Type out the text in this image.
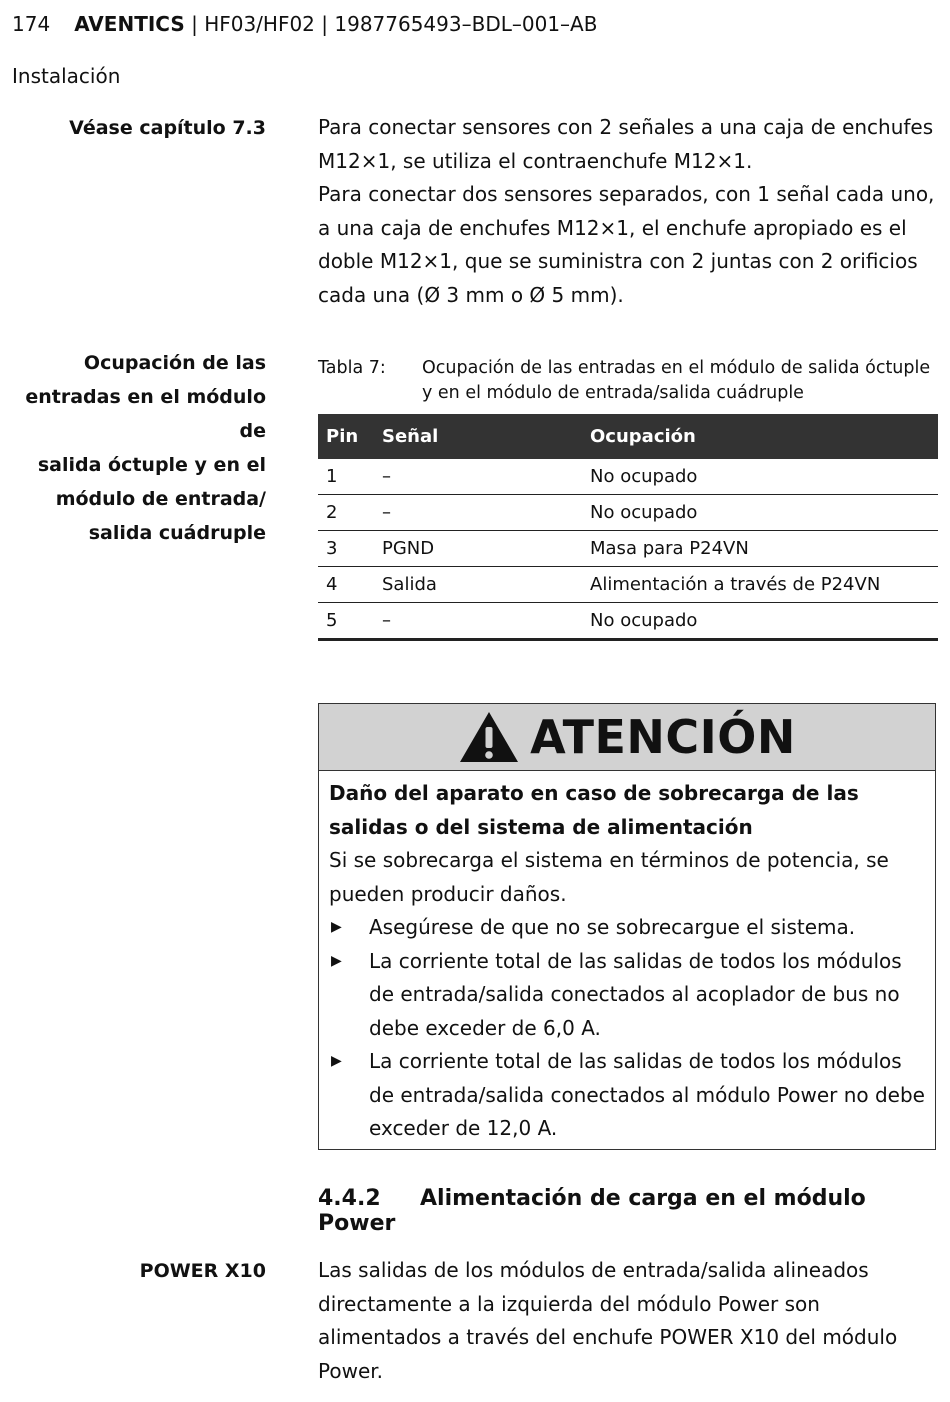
174 AVENTICS | HF03/HF02 | 1987765493–BDL–001–AB
Instalación
Véase capítulo 7.3	Para conectar sensores con 2 señales a una caja de enchufes M12×1, se utiliza el contraenchufe M12×1.

Para conectar dos sensores separados, con 1 señal cada uno, a una caja de enchufes M12×1, el enchufe apropiado es el doble M12×1, que se suministra con 2 juntas con 2 orificios cada una (Ø 3 mm o Ø 5 mm).

Ocupación de las
entradas en el módulo de
salida óctuple y en el
módulo de entrada/
salida cuádruple
Tabla 7:	Ocupación de las entradas en el módulo de salida óctuple y en el módulo de entrada/salida cuádruple
Pin	Señal	Ocupación
1	–	No ocupado
2	–	No ocupado
3	PGND	Masa para P24VN
4	Salida	Alimentación a través de P24VN
5	–	No ocupado
ATENCIÓN
Daño del aparato en caso de sobrecarga de las salidas o del sistema de alimentación
Si se sobrecarga el sistema en términos de potencia, se pueden producir daños.
▶ Asegúrese de que no se sobrecargue el sistema.
▶ La corriente total de las salidas de todos los módulos de entrada/salida conectados al acoplador de bus no debe exceder de 6,0 A.
▶ La corriente total de las salidas de todos los módulos de entrada/salida conectados al módulo Power no debe exceder de 12,0 A.
4.4.2 Alimentación de carga en el módulo Power
POWER X10	Las salidas de los módulos de entrada/salida alineados directamente a la izquierda del módulo Power son alimentados a través del enchufe POWER X10 del módulo Power.
